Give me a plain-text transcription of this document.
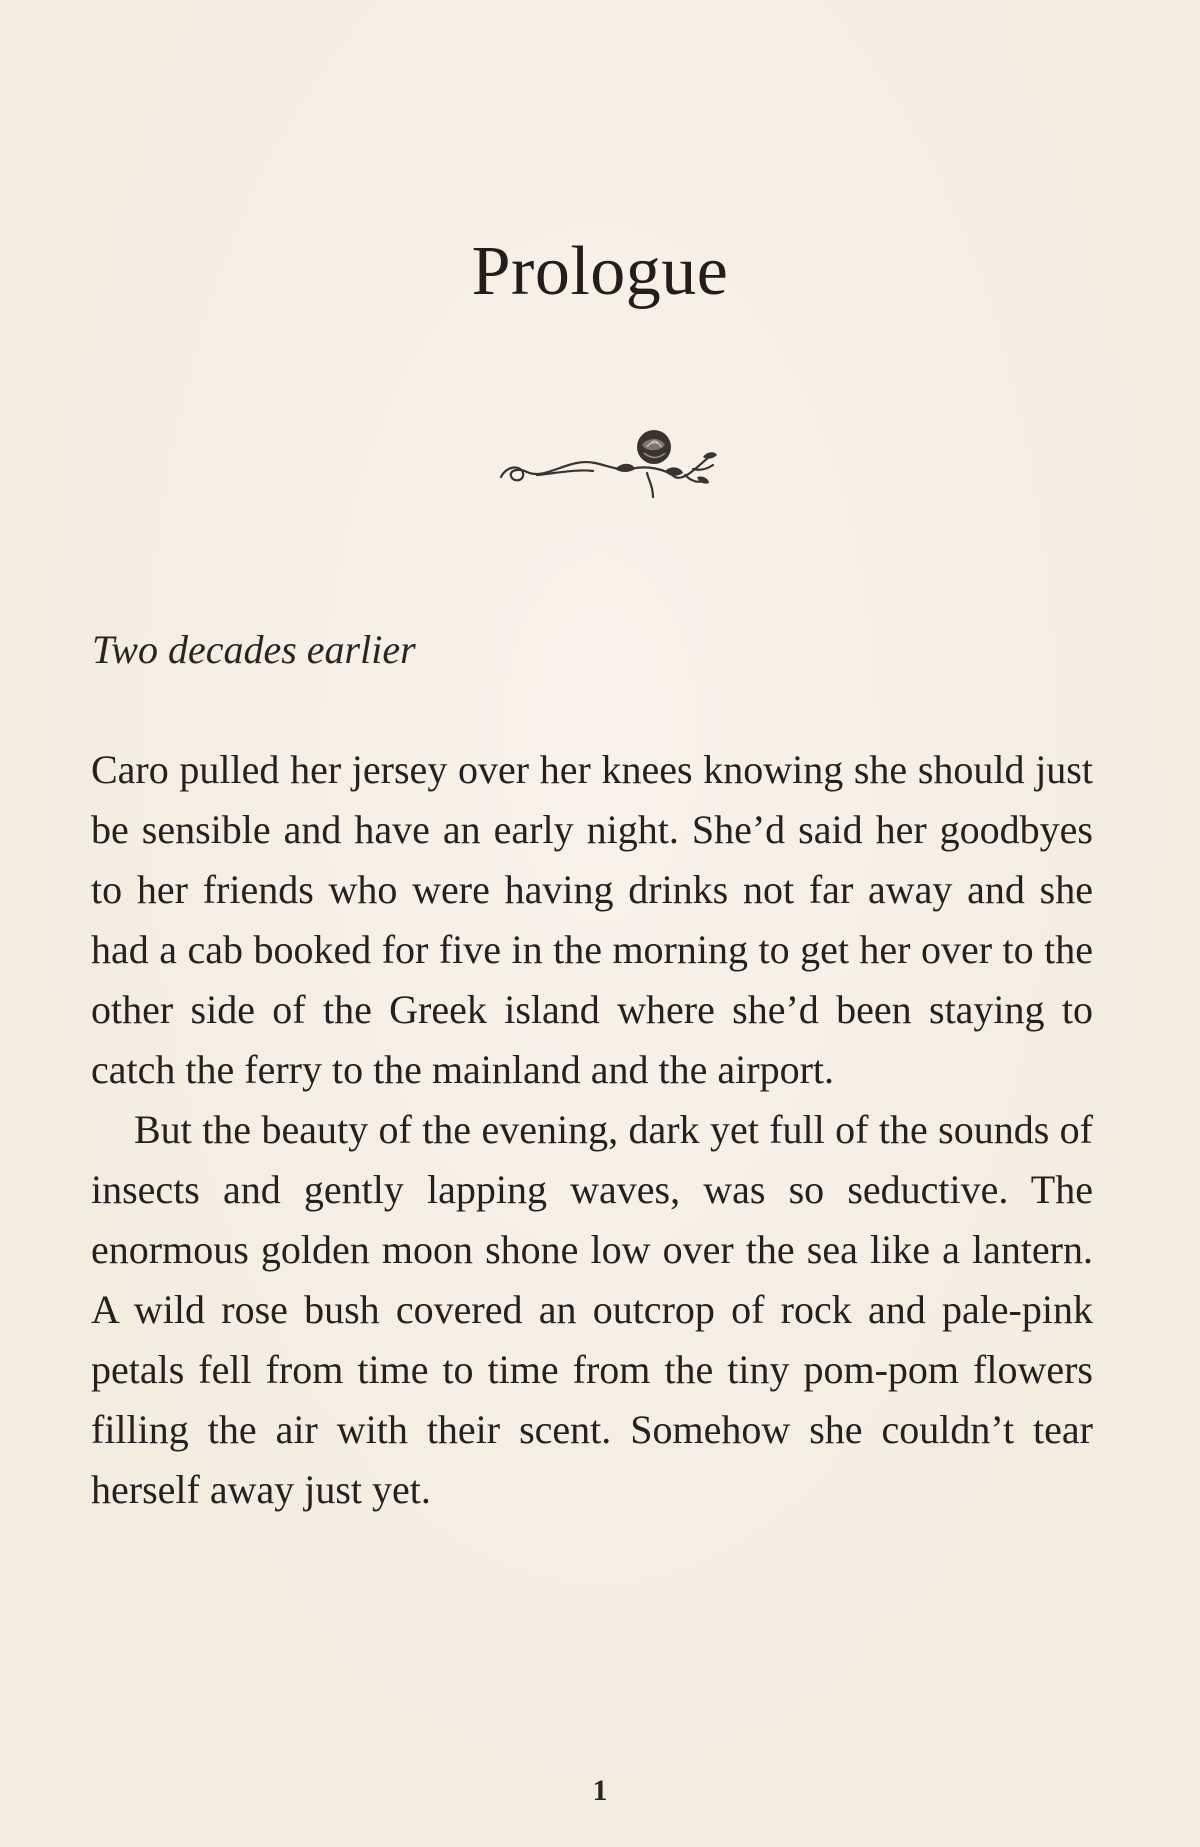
Prologue

Two decades earlier

Caro pulled her jersey over her knees knowing she should just be sensible and have an early night. She’d said her goodbyes to her friends who were having drinks not far away and she had a cab booked for five in the morning to get her over to the other side of the Greek island where she’d been staying to catch the ferry to the mainland and the airport.

But the beauty of the evening, dark yet full of the sounds of insects and gently lapping waves, was so seductive. The enormous golden moon shone low over the sea like a lantern. A wild rose bush covered an outcrop of rock and pale-pink petals fell from time to time from the tiny pom-pom flowers filling the air with their scent. Somehow she couldn’t tear herself away just yet.

1
